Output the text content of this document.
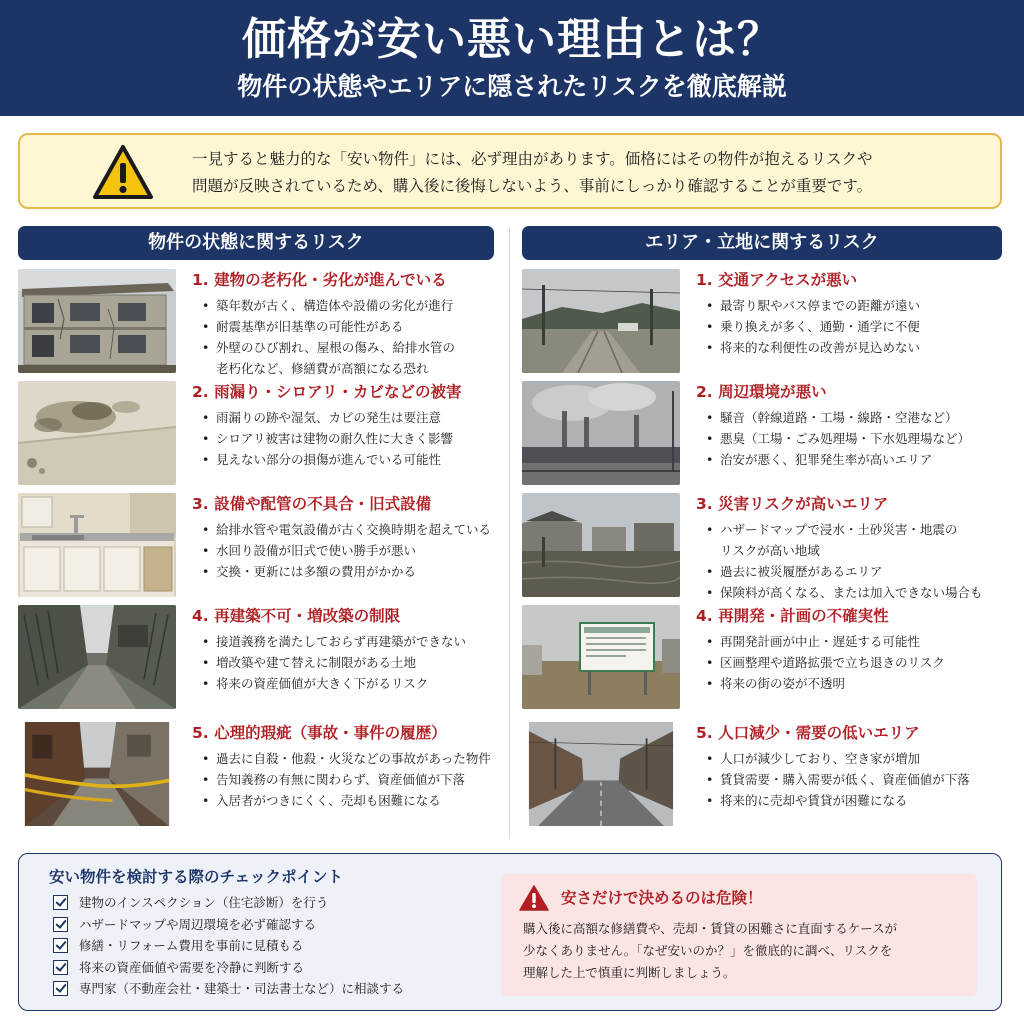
価格が安い悪い理由とは？
物件の状態やエリアに隠されたリスクを徹底解説
一見すると魅力的な「安い物件」には、必ず理由があります。価格にはその物件が抱えるリスクや
問題が反映されているため、購入後に後悔しないよう、事前にしっかり確認することが重要です。
物件の状態に関するリスク	エリア・立地に関するリスク
1. 建物の老朽化・劣化が進んでいる
• 築年数が古く、構造体や設備の劣化が進行
• 耐震基準が旧基準の可能性がある
• 外壁のひび割れ、屋根の傷み、給排水管の
老朽化など、修繕費が高額になる恐れ
2. 雨漏り・シロアリ・カビなどの被害
• 雨漏りの跡や湿気、カビの発生は要注意
• シロアリ被害は建物の耐久性に大きく影響
• 見えない部分の損傷が進んでいる可能性
3. 設備や配管の不具合・旧式設備
• 給排水管や電気設備が古く交換時期を超えている
• 水回り設備が旧式で使い勝手が悪い
• 交換・更新には多額の費用がかかる
4. 再建築不可・増改築の制限
• 接道義務を満たしておらず再建築ができない
• 増改築や建て替えに制限がある土地
• 将来の資産価値が大きく下がるリスク
5. 心理的瑕疵（事故・事件の履歴）
• 過去に自殺・他殺・火災などの事故があった物件
• 告知義務の有無に関わらず、資産価値が下落
• 入居者がつきにくく、売却も困難になる
1. 交通アクセスが悪い
• 最寄り駅やバス停までの距離が遠い
• 乗り換えが多く、通勤・通学に不便
• 将来的な利便性の改善が見込めない
2. 周辺環境が悪い
• 騒音（幹線道路・工場・線路・空港など）
• 悪臭（工場・ごみ処理場・下水処理場など）
• 治安が悪く、犯罪発生率が高いエリア
3. 災害リスクが高いエリア
• ハザードマップで浸水・土砂災害・地震の
リスクが高い地域
• 過去に被災履歴があるエリア
• 保険料が高くなる、または加入できない場合も
4. 再開発・計画の不確実性
• 再開発計画が中止・遅延する可能性
• 区画整理や道路拡張で立ち退きのリスク
• 将来の街の姿が不透明
5. 人口減少・需要の低いエリア
• 人口が減少しており、空き家が増加
• 賃貸需要・購入需要が低く、資産価値が下落
• 将来的に売却や賃貸が困難になる
安い物件を検討する際のチェックポイント
建物のインスペクション（住宅診断）を行う
ハザードマップや周辺環境を必ず確認する
修繕・リフォーム費用を事前に見積もる
将来の資産価値や需要を冷静に判断する
専門家（不動産会社・建築士・司法書士など）に相談する
安さだけで決めるのは危険！
購入後に高額な修繕費や、売却・賃貸の困難さに直面するケースが
少なくありません。「なぜ安いのか？」を徹底的に調べ、リスクを
理解した上で慎重に判断しましょう。
